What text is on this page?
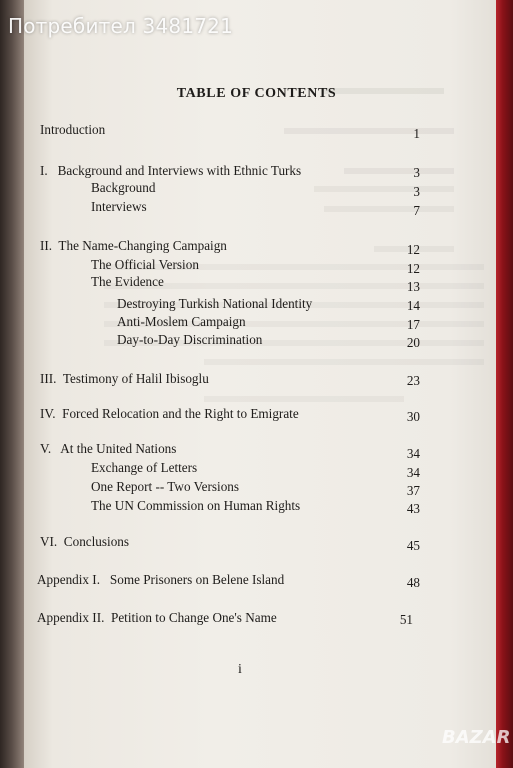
TABLE OF CONTENTS
Introduction	1
I.   Background and Interviews with Ethnic Turks	3
Background	3
Interviews	7
II.  The Name-Changing Campaign	12
The Official Version	12
The Evidence	13
Destroying Turkish National Identity	14
Anti-Moslem Campaign	17
Day-to-Day Discrimination	20
III.  Testimony of Halil Ibisoglu	23
IV.  Forced Relocation and the Right to Emigrate	30
V.   At the United Nations	34
Exchange of Letters	34
One Report -- Two Versions	37
The UN Commission on Human Rights	43
VI.  Conclusions	45
Appendix I.   Some Prisoners on Belene Island	48
Appendix II.  Petition to Change One's Name	51
i
Потребител 3481721
BAZAR
